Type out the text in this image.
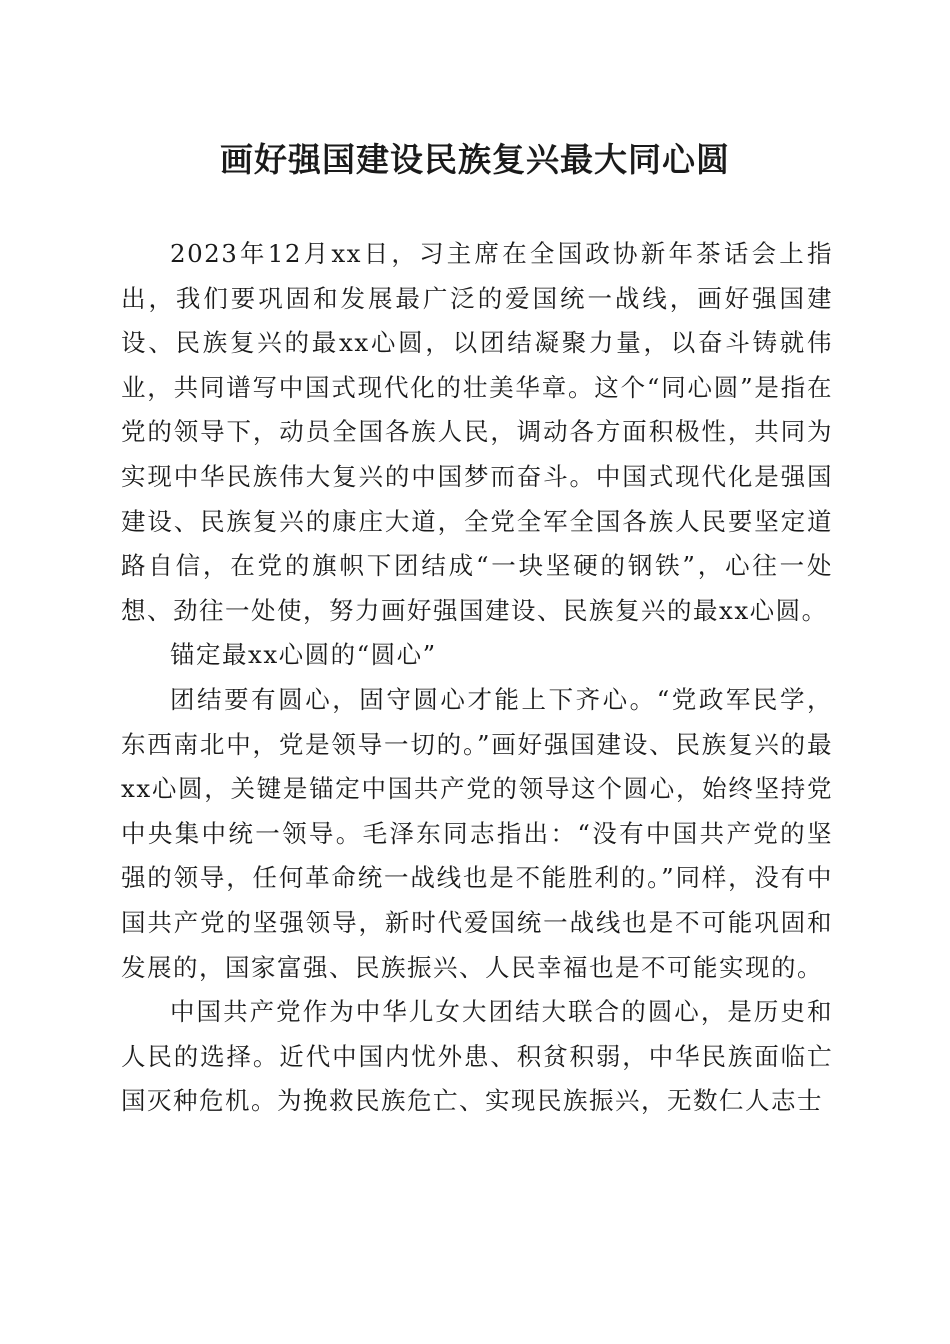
画好强国建设民族复兴最大同心圆

2023年12月xx日，习主席在全国政协新年茶话会上指出，我们要巩固和发展最广泛的爱国统一战线，画好强国建设、民族复兴的最xx心圆，以团结凝聚力量，以奋斗铸就伟业，共同谱写中国式现代化的壮美华章。这个“同心圆”是指在党的领导下，动员全国各族人民，调动各方面积极性，共同为实现中华民族伟大复兴的中国梦而奋斗。中国式现代化是强国建设、民族复兴的康庄大道，全党全军全国各族人民要坚定道路自信，在党的旗帜下团结成“一块坚硬的钢铁”，心往一处想、劲往一处使，努力画好强国建设、民族复兴的最xx心圆。

锚定最xx心圆的“圆心”

团结要有圆心，固守圆心才能上下齐心。“党政军民学，东西南北中，党是领导一切的。”画好强国建设、民族复兴的最xx心圆，关键是锚定中国共产党的领导这个圆心，始终坚持党中央集中统一领导。毛泽东同志指出：“没有中国共产党的坚强的领导，任何革命统一战线也是不能胜利的。”同样，没有中国共产党的坚强领导，新时代爱国统一战线也是不可能巩固和发展的，国家富强、民族振兴、人民幸福也是不可能实现的。

中国共产党作为中华儿女大团结大联合的圆心，是历史和人民的选择。近代中国内忧外患、积贫积弱，中华民族面临亡国灭种危机。为挽救民族危亡、实现民族振兴，无数仁人志士
